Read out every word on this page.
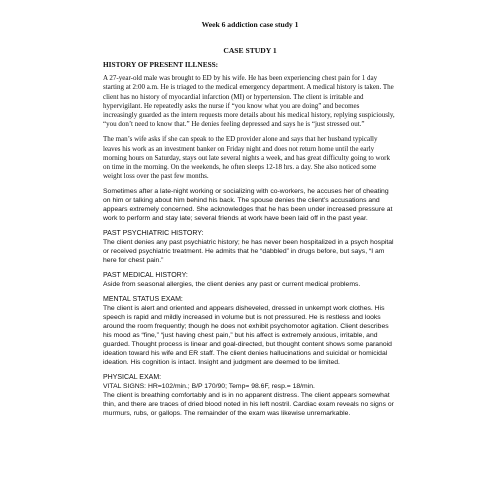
Week 6 addiction case study 1
CASE STUDY 1
HISTORY OF PRESENT ILLNESS:

A 27-year-old male was brought to ED by his wife. He has been experiencing chest pain for 1 day starting at 2:00 a.m. He is triaged to the medical emergency department. A medical history is taken. The client has no history of myocardial infarction (MI) or hypertension. The client is irritable and hypervigilant. He repeatedly asks the nurse if “you know what you are doing” and becomes increasingly guarded as the intern requests more details about his medical history, replying suspiciously, “you don’t need to know that.” He denies feeling depressed and says he is “just stressed out.”

The man’s wife asks if she can speak to the ED provider alone and says that her husband typically leaves his work as an investment banker on Friday night and does not return home until the early morning hours on Saturday, stays out late several nights a week, and has great difficulty going to work on time in the morning. On the weekends, he often sleeps 12-18 hrs. a day. She also noticed some weight loss over the past few months.

Sometimes after a late-night working or socializing with co-workers, he accuses her of cheating on him or talking about him behind his back. The spouse denies the client’s accusations and appears extremely concerned. She acknowledges that he has been under increased pressure at work to perform and stay late; several friends at work have been laid off in the past year.

PAST PSYCHIATRIC HISTORY:
The client denies any past psychiatric history; he has never been hospitalized in a psych hospital or received psychiatric treatment. He admits that he “dabbled” in drugs before, but says, “I am here for chest pain.”
PAST MEDICAL HISTORY:
Aside from seasonal allergies, the client denies any past or current medical problems.
MENTAL STATUS EXAM:
The client is alert and oriented and appears disheveled, dressed in unkempt work clothes. His speech is rapid and mildly increased in volume but is not pressured. He is restless and looks around the room frequently; though he does not exhibit psychomotor agitation. Client describes his mood as “fine,” “just having chest pain,” but his affect is extremely anxious, irritable, and guarded. Thought process is linear and goal-directed, but thought content shows some paranoid ideation toward his wife and ER staff. The client denies hallucinations and suicidal or homicidal ideation. His cognition is intact. Insight and judgment are deemed to be limited.
PHYSICAL EXAM:
VITAL SIGNS: HR=102/min.; B/P 170/90; Temp= 98.6F, resp.= 18/min.
The client is breathing comfortably and is in no apparent distress. The client appears somewhat thin, and there are traces of dried blood noted in his left nostril. Cardiac exam reveals no signs or murmurs, rubs, or gallops. The remainder of the exam was likewise unremarkable.
